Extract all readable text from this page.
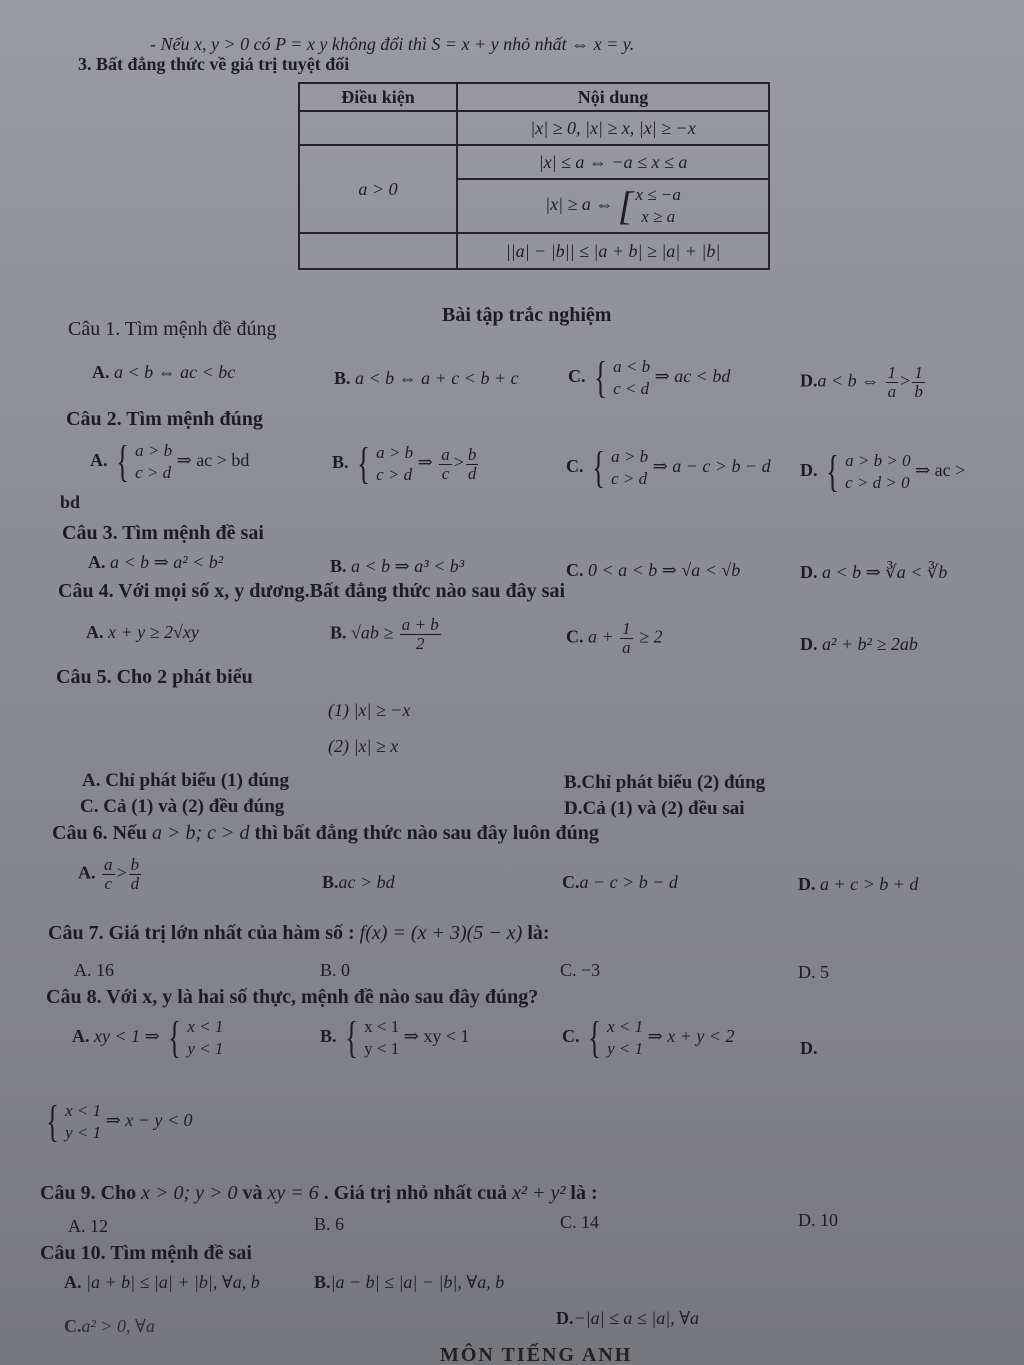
- Nếu x, y > 0 có P = x y không đổi thì S = x + y nhỏ nhất ⇔ x = y.
3. Bất đẳng thức về giá trị tuyệt đối
Điều kiện	Nội dung
	|x| ≥ 0, |x| ≥ x, |x| ≥ −x
a > 0	|x| ≤ a ⇔ −a ≤ x ≤ a
	|x| ≥ a ⇔ [ x ≤ −a
x ≥ a

	||a| − |b|| ≤ |a + b| ≥ |a| + |b|
Bài tập trắc nghiệm
Câu 1. Tìm mệnh đề đúng
A. a < b ⇔ ac < bc	B. a < b ⇔ a + c < b + c	C. { a < b
c < d
⇒ ac < bd	D.a < b ⇔ $\frac{1}{a} > \frac{1}{b}$
Câu 2. Tìm mệnh đúng
A. { a > b
c > d
⇒ ac > bd	B. { a > b
c > d
⇒ $\frac{a}{c} > \frac{b}{d}$	C. { a > b
c > d
⇒ a − c > b − d D. { a > b > 0
c > d > 0
⇒ ac >
bd
Câu 3. Tìm mệnh đề sai
A. a < b ⇒ a² < b²	B. a < b ⇒ a³ < b³	C. 0 < a < b ⇒ √a < √b	D. a < b ⇒ ∛a < ∛b
Câu 4. Với mọi số x, y dương.Bất đẳng thức nào sau đây sai
A. x + y ≥ 2√xy	B. $√ab \ge \frac{a + b}{2}$	C. $a + \frac{1}{a} \ge 2$	D. a² + b² ≥ 2ab
Câu 5. Cho 2 phát biểu
(1) |x| ≥ −x
(2) |x| ≥ x
A. Chỉ phát biểu (1) đúng	B.Chỉ phát biểu (2) đúng
C. Cả (1) và (2) đều đúng	D.Cả (1) và (2) đều sai
Câu 6. Nếu a > b; c > d thì bất đẳng thức nào sau đây luôn đúng
A. $\frac{a}{c} > \frac{b}{d}$	B.ac > bd	C.a − c > b − d	D. a + c > b + d
Câu 7. Giá trị lớn nhất của hàm số : f(x) = (x + 3)(5 − x) là:
A. 16	B. 0	C. −3	D. 5
Câu 8. Với x, y là hai số thực, mệnh đề nào sau đây đúng?
A. xy < 1 ⇒ { x < 1
y < 1
B. { x < 1
y < 1
⇒ xy < 1	C. { x < 1
y < 1
⇒ x + y < 2
D.
{ x < 1
y < 1
⇒ x − y < 0
Câu 9. Cho x > 0; y > 0 và xy = 6 . Giá trị nhỏ nhất cuả x² + y² là :
A. 12	B. 6	C. 14	D. 10
Câu 10. Tìm mệnh đề sai
A. |a + b| ≤ |a| + |b|, ∀a, b	B.|a − b| ≤ |a| − |b|, ∀a, b
C.a² > 0, ∀a	D.−|a| ≤ a ≤ |a|, ∀a
MÔN TIẾNG ANH
